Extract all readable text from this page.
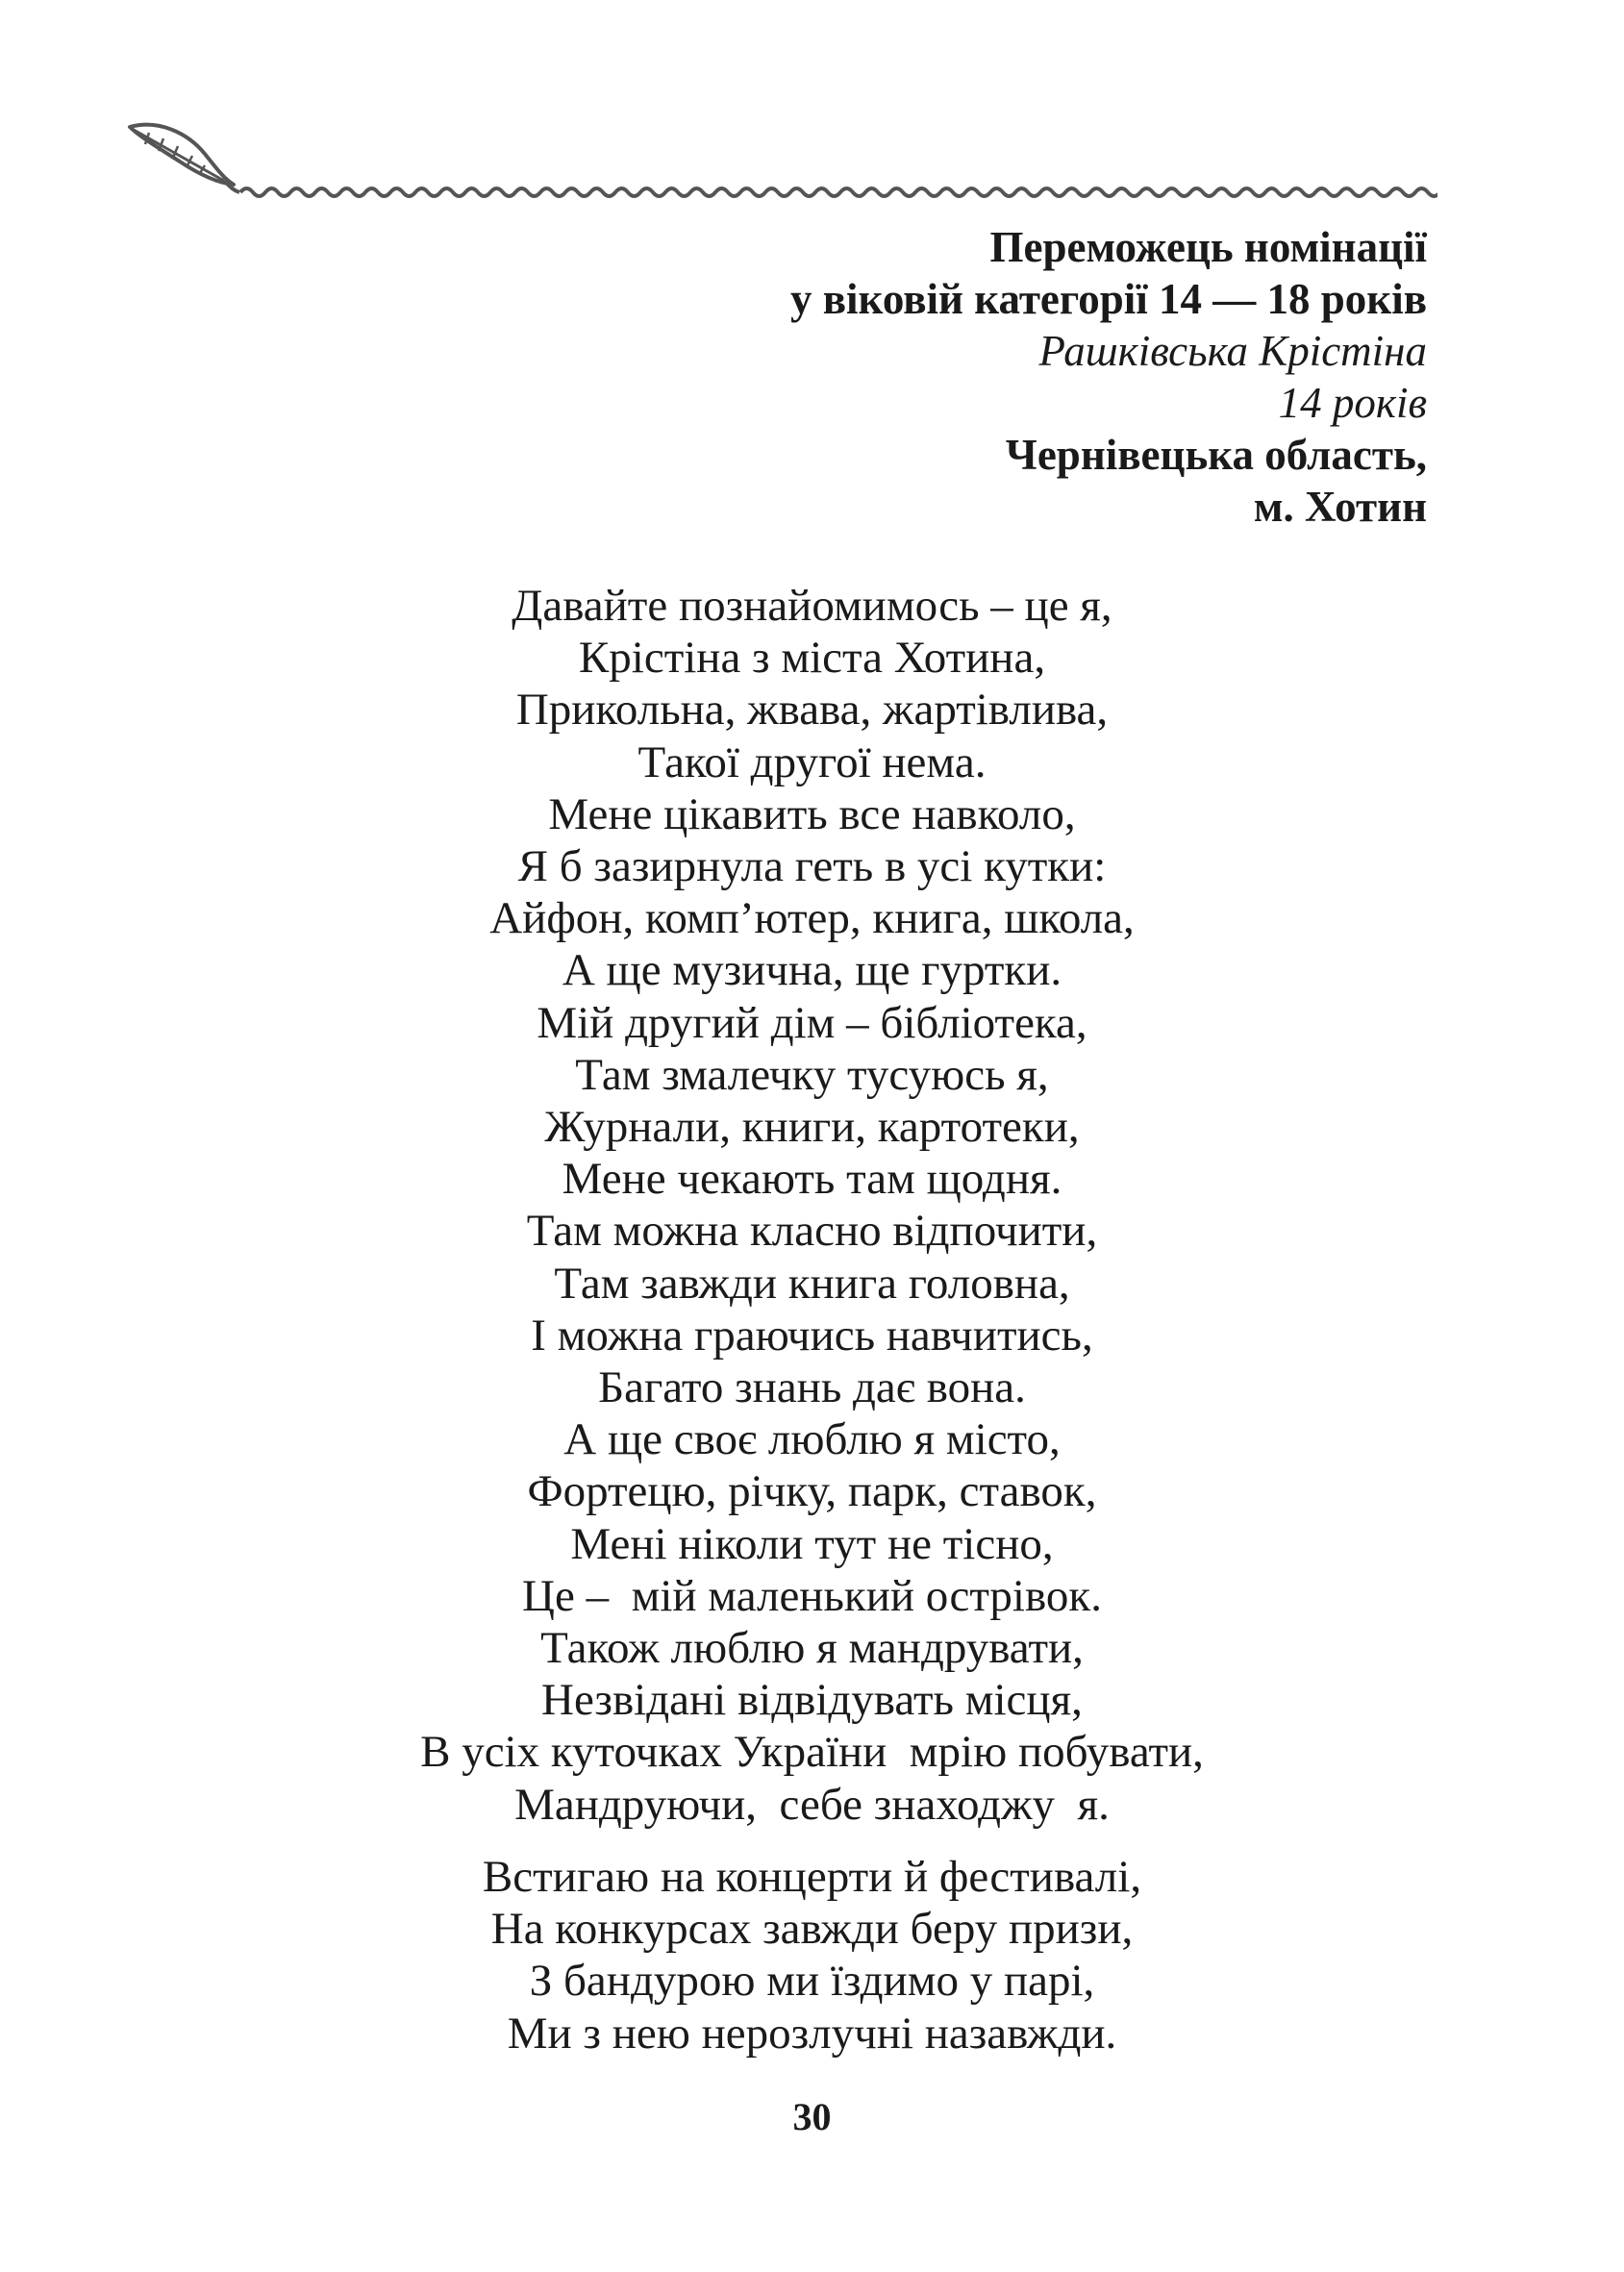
Переможець номінації
у віковій категорії 14 — 18 років
Рашківська Крістіна
14 років
Чернівецька область,
м. Хотин
Давайте познайомимось – це я,
Крістіна з міста Хотина,
Прикольна, жвава, жартівлива,
Такої другої нема.
Мене цікавить все навколо,
Я б зазирнула геть в усі кутки:
Айфон, комп’ютер, книга, школа,
А ще музична, ще гуртки.
Мій другий дім – бібліотека,
Там змалечку тусуюсь я,
Журнали, книги, картотеки,
Мене чекають там щодня.
Там можна класно відпочити,
Там завжди книга головна,
І можна граючись навчитись,
Багато знань дає вона.
А ще своє люблю я місто,
Фортецю, річку, парк, ставок,
Мені ніколи тут не тісно,
Це –  мій маленький острівок.
Також люблю я мандрувати,
Незвідані відвідувать місця,
В усіх куточках України  мрію побувати,
Мандруючи,  себе знаходжу  я.
Встигаю на концерти й фестивалі,
На конкурсах завжди беру призи,
З бандурою ми їздимо у парі,
Ми з нею нерозлучні назавжди.
30
